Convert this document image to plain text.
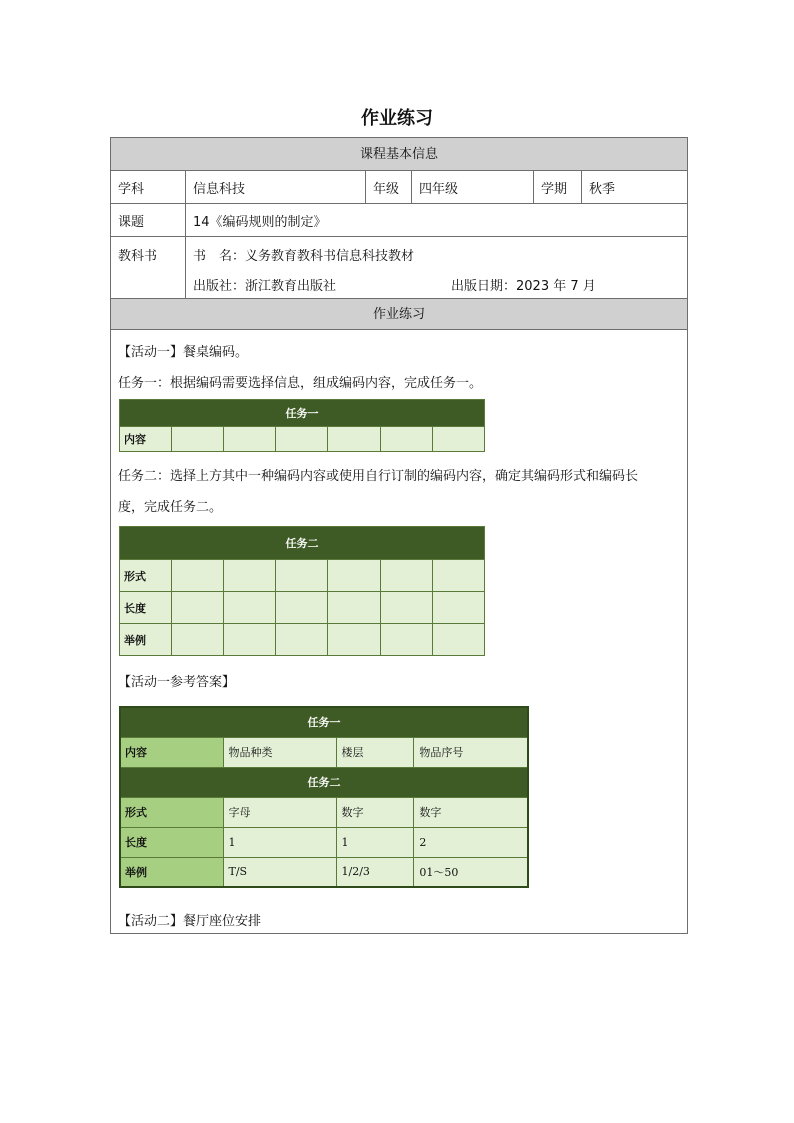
作业练习
课程基本信息
学科	信息科技	年级	四年级	学期	秋季
课题	14《编码规则的制定》
教科书	书　名：义务教育教科书信息科技教材
出版社：浙江教育出版社	出版日期：2023 年 7 月
作业练习
【活动一】餐桌编码。
任务一：根据编码需要选择信息，组成编码内容，完成任务一。
任务一
内容						
任务二：选择上方其中一种编码内容或使用自行订制的编码内容，确定其编码形式和编码长
度，完成任务二。
任务二						
形式						
长度						
举例						
【活动一参考答案】
任务一			
内容	物品种类	楼层	物品序号
任务二			
形式	字母	数字	数字
长度	1	1	2
举例	T/S	1/2/3	01～50
【活动二】餐厅座位安排
